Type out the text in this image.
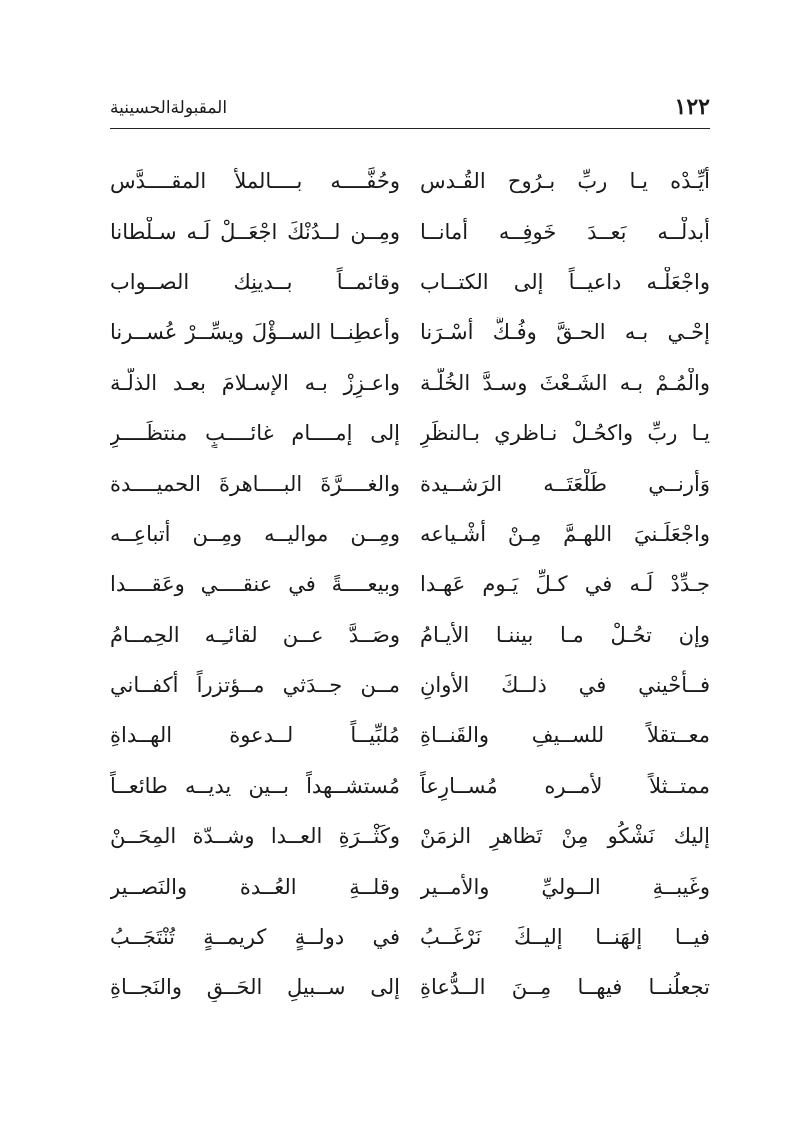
١٢٢
المقبولةالحسينية
أيِّـدْه يـا ربِّ بـرُوح القُـدس
وحُفَّــــه بــــالملأ المقــــدَّس
أبدلْــه بَعــدَ خَوفِــه أمانــا
ومِــن لــدُنْكَ اجْعَــلْ لَـه سـلْطانا
واجْعَلْـه داعيــاً إلى الكتــاب
وقائمــاً بــدينِك الصــواب
إحْـي بـه الحـقَّ وفُـكَّ أسْـرَنا
وأعطِنــا الســؤْلَ ويسِّــرْ عُســرنا
والْمُـمْ بـه الشَـعْثَ وسـدَّ الخُلّـة
واعـزِزْ بـه الإسـلامَ بعـد الذلّـة
يـا ربِّ واكحُـلْ نـاظري بـالنظَرِ
إلى إمــــام غائــــبٍ منتظَــــرِ
وَأرنــي طَلْعَتَــه الرَشــيدة
والغــــرَّةَ البــــاهرةَ الحميــــدة
واجْعَلَـنيَ اللهـمَّ مِـنْ أشْـياعه
ومِــن مواليــه ومِــن أتباعِــه
جـدِّدْ لَـه في كـلِّ يَـوم عَهـدا
وبيعــــةً في عنقــــي وعَقــــدا
وإن تحُـلْ مـا بيننـا الأيـامُ
وصَــدَّ عــن لقائـِـه الحِمــامُ
فــأحْيني في ذلــكَ الأوانِ
مــن جــدَثي مــؤتزراً أكفــاني
معــتقلاً للســيفِ والقَنــاةِ
مُلبِّيــاً لــدعوة الهــداةِ
ممتــثلاً لأمــره مُســارِعاً
مُستشــهداً بــين يديــه طائعــاً
إليك نَشْكُو مِنْ تَظاهرِ الزمَنْ
وكَثْــرَةِ العــدا وشــدّة المِحَــنْ
وغَيبــةِ الــوليِّ والأمــير
وقلــةِ العُــدة والنَصــير
فيــا إلهَنــا إليــكَ نَرْغَــبُ
في دولــةٍ كريمــةٍ تُنْتَجَــبُ
تجعلُنــا فيهــا مِــنَ الــدُّعاةِ
إلى ســبيلِ الحَــقِ والنَجــاةِ
